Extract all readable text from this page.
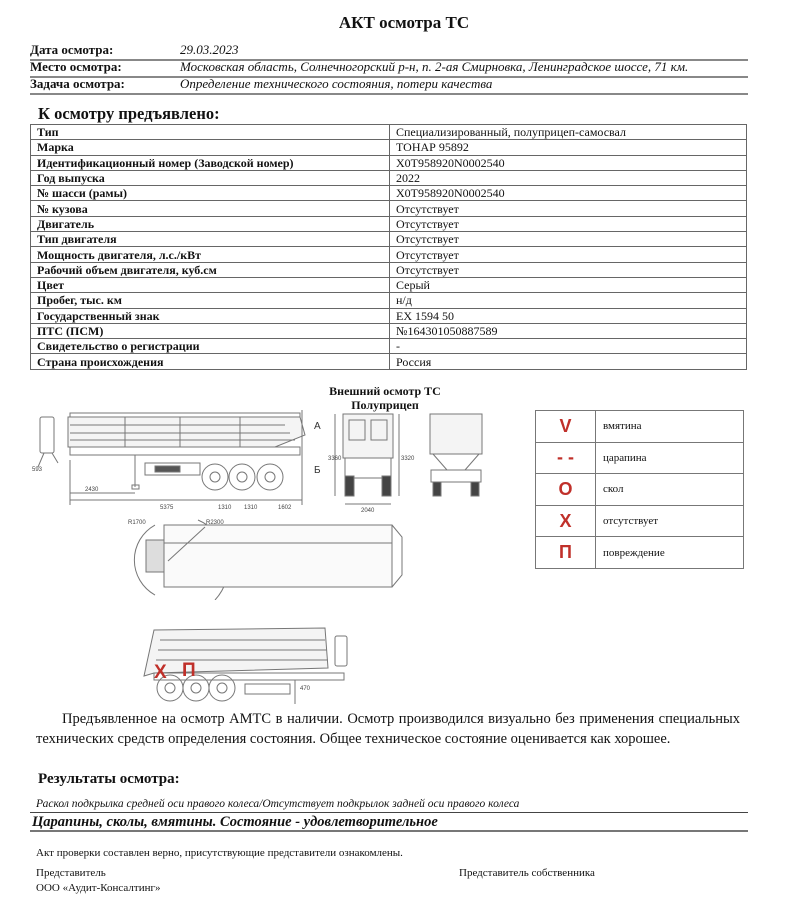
АКТ осмотра ТС
Дата осмотра:	29.03.2023
Место осмотра:	Московская область, Солнечногорский р-н, п. 2-ая Смирновка, Ленинградское шоссе, 71 км.
Задача осмотра:	Определение технического состояния, потери качества
К осмотру предъявлено:
Тип	Специализированный, полуприцеп-самосвал
Марка	ТОНАР 95892
Идентификационный номер (Заводской номер)	X0T958920N0002540
Год выпуска	2022
№ шасси (рамы)	X0T958920N0002540
№ кузова	Отсутствует
Двигатель	Отсутствует
Тип двигателя	Отсутствует
Мощность двигателя, л.с./кВт	Отсутствует
Рабочий объем двигателя, куб.см	Отсутствует
Цвет	Серый
Пробег, тыс. км	н/д
Государственный знак	ЕХ 1594 50
ПТС (ПСМ)	№164301050887589
Свидетельство о регистрации	-
Страна происхождения	Россия
Внешний осмотр ТС
Полуприцеп
593
2430
5375	1310 1310	1602
А
Б
3360	3320
2040
R1700	R2300
470
Х П
V	вмятина
- -	царапина
О	скол
Х	отсутствует
П	повреждение
Предъявленное на осмотр АМТС в наличии. Осмотр производился визуально без применения специальных технических средств определения состояния. Общее техническое состояние оценивается как хорошее.
Результаты осмотра:
Раскол подкрылка средней оси правого колеса/Отсутствует подкрылок задней оси правого колеса
Царапины, сколы, вмятины. Состояние - удовлетворительное
Акт проверки составлен верно, присутствующие представители ознакомлены.
Представитель
ООО «Аудит-Консалтинг»
Представитель собственника
